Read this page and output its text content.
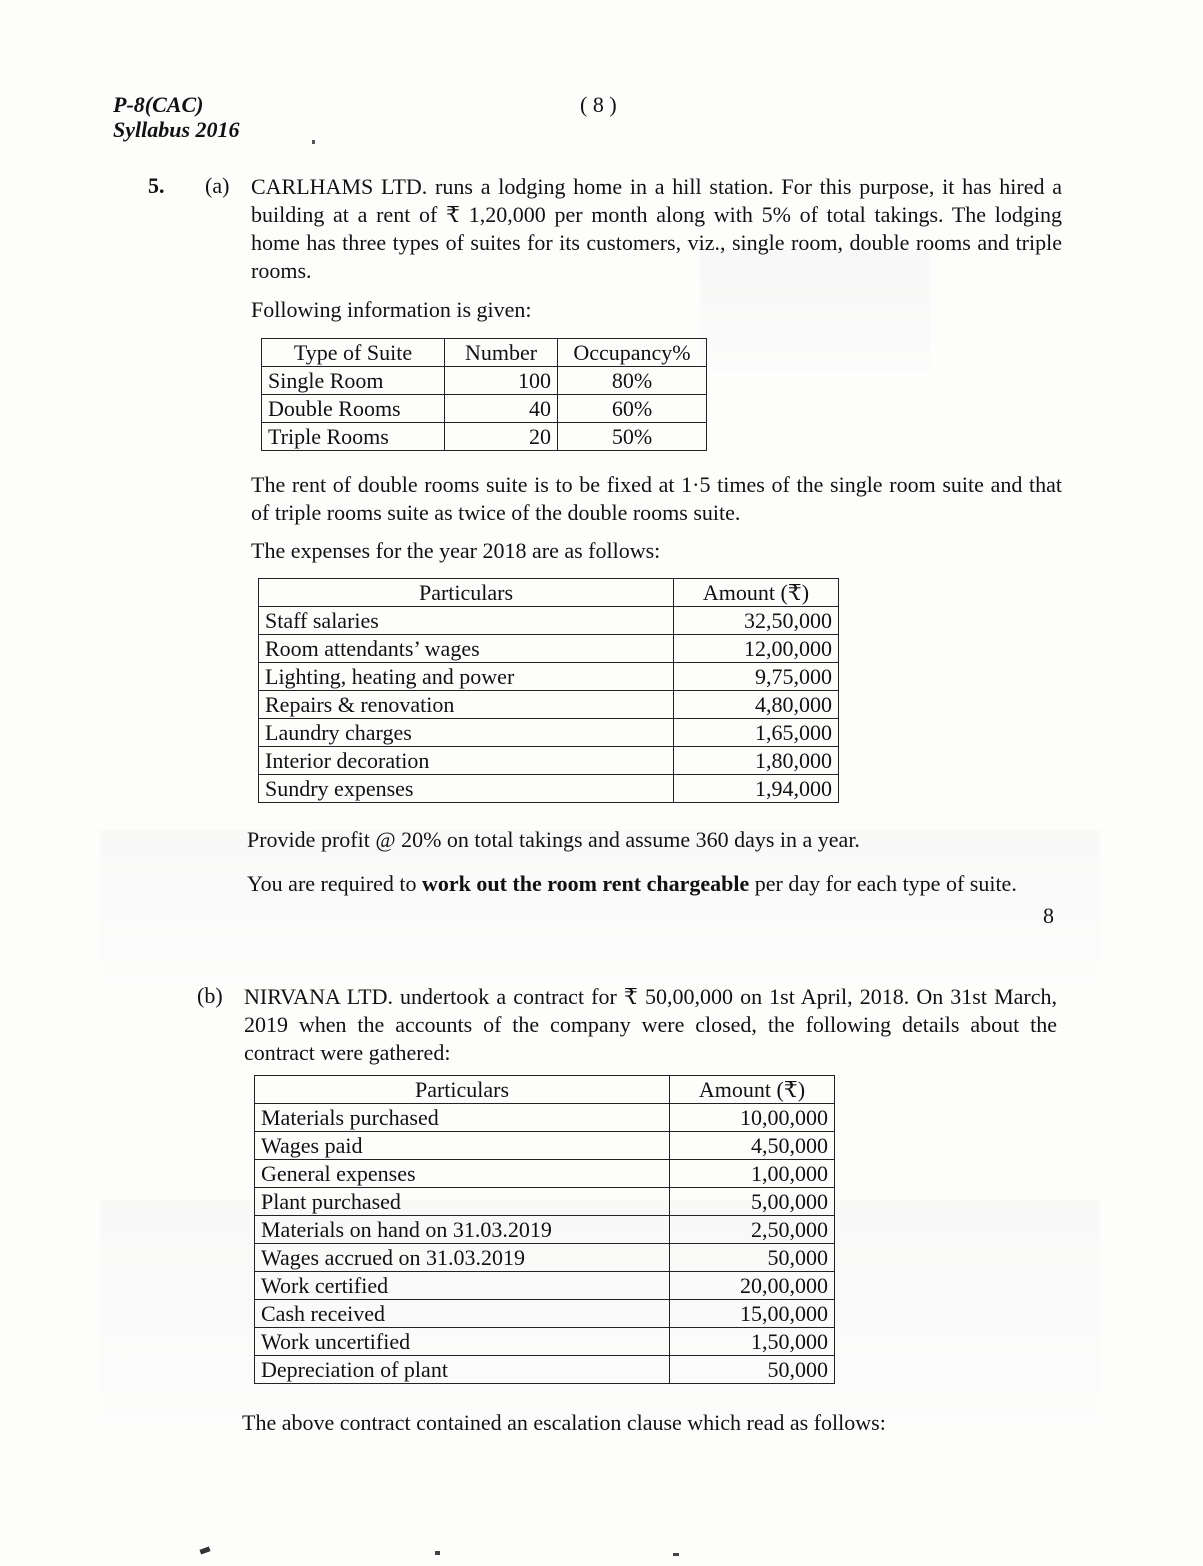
P-8(CAC)
Syllabus 2016
( 8 )
5. (a) CARLHAMS LTD. runs a lodging home in a hill station. For this purpose, it has hired a building at a rent of ₹ 1,20,000 per month along with 5% of total takings. The lodging home has three types of suites for its customers, viz., single room, double rooms and triple rooms.
Following information is given:
Type of Suite	Number	Occupancy%
Single Room	100	80%
Double Rooms	40	60%
Triple Rooms	20	50%
The rent of double rooms suite is to be fixed at 1·5 times of the single room suite and that of triple rooms suite as twice of the double rooms suite.
The expenses for the year 2018 are as follows:
Particulars	Amount (₹)
Staff salaries	32,50,000
Room attendants’ wages	12,00,000
Lighting, heating and power	9,75,000
Repairs & renovation	4,80,000
Laundry charges	1,65,000
Interior decoration	1,80,000
Sundry expenses	1,94,000
Provide profit @ 20% on total takings and assume 360 days in a year.
You are required to work out the room rent chargeable per day for each type of suite.
8
(b) NIRVANA LTD. undertook a contract for ₹ 50,00,000 on 1st April, 2018. On 31st March, 2019 when the accounts of the company were closed, the following details about the contract were gathered:
Particulars	Amount (₹)
Materials purchased	10,00,000
Wages paid	4,50,000
General expenses	1,00,000
Plant purchased	5,00,000
Materials on hand on 31.03.2019	2,50,000
Wages accrued on 31.03.2019	50,000
Work certified	20,00,000
Cash received	15,00,000
Work uncertified	1,50,000
Depreciation of plant	50,000
The above contract contained an escalation clause which read as follows:
